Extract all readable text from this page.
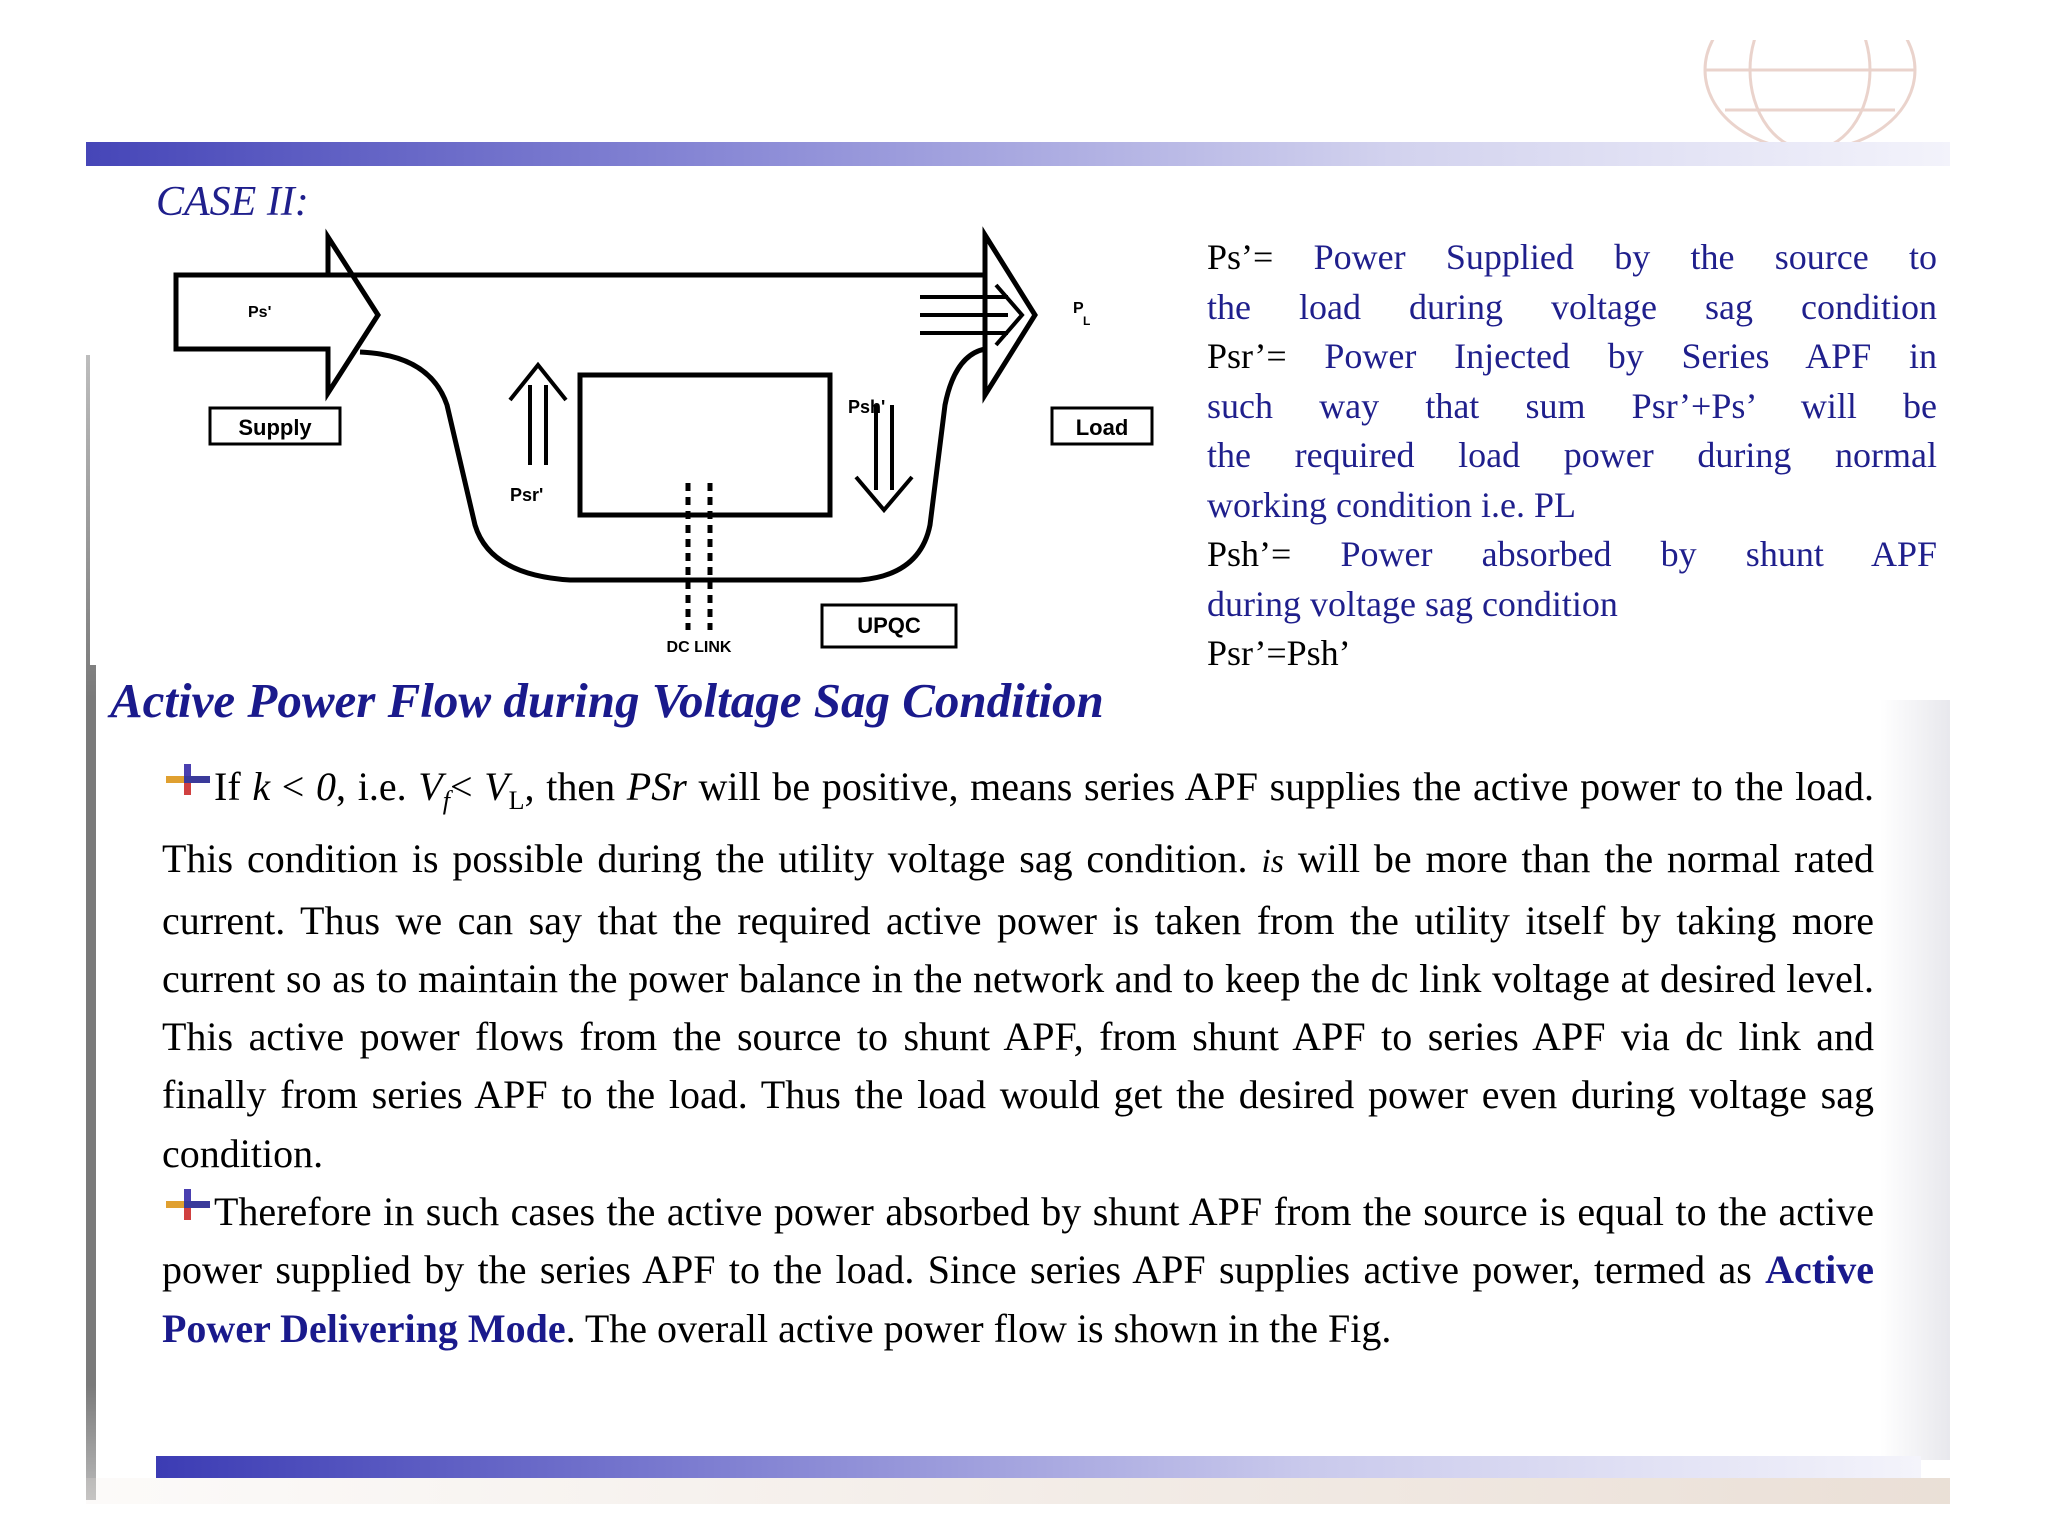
CASE II:
Ps'
Supply
P
L
Load
Psh'
Psr'
UPQC
DC LINK
Ps’= Power Supplied by the source to
the load during voltage sag condition
Psr’= Power Injected by Series APF in
such way that sum Psr’+Ps’ will be
the required load power during normal
working condition i.e. PL
Psh’= Power absorbed by shunt APF
during voltage sag condition
Psr’=Psh’
Active Power Flow during Voltage Sag Condition

If k < 0, i.e. $V_f< V_L$, then PSr will be positive, means series APF supplies the active power to the load. This condition is possible during the utility voltage sag condition. is will be more than the normal rated current. Thus we can say that the required active power is taken from the utility itself by taking more current so as to maintain the power balance in the network and to keep the dc link voltage at desired level. This active power flows from the source to shunt APF, from shunt APF to series APF via dc link and finally from series APF to the load. Thus the load would get the desired power even during voltage sag condition.

Therefore in such cases the active power absorbed by shunt APF from the source is equal to the active power supplied by the series APF to the load. Since series APF supplies active power, termed as Active Power Delivering Mode. The overall active power flow is shown in the Fig.
